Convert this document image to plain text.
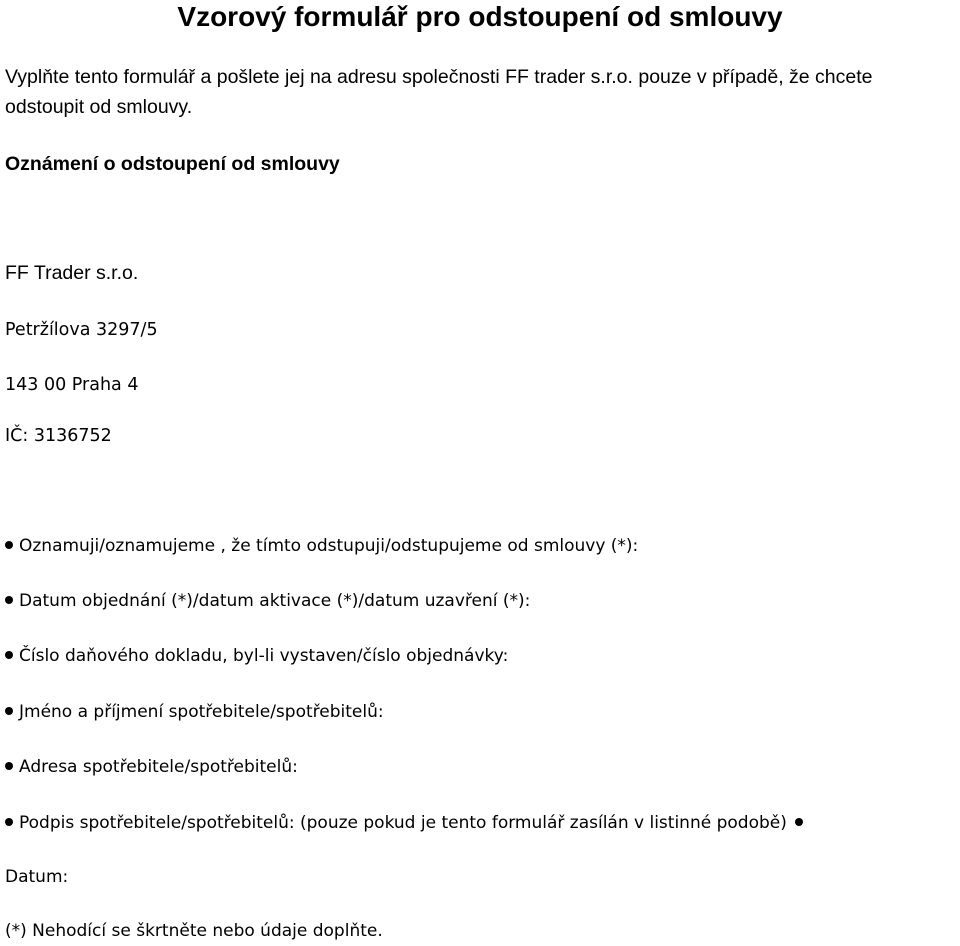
Vzorový formulář pro odstoupení od smlouvy
Vyplňte tento formulář a pošlete jej na adresu společnosti FF trader s.r.o. pouze v případě, že chcete odstoupit od smlouvy.
Oznámení o odstoupení od smlouvy
FF Trader s.r.o.
Petržílova 3297/5
143 00 Praha 4
IČ: 3136752
Oznamuji/oznamujeme , že tímto odstupuji/odstupujeme od smlouvy (*):
Datum objednání (*)/datum aktivace (*)/datum uzavření (*):
Číslo daňového dokladu, byl-li vystaven/číslo objednávky:
Jméno a příjmení spotřebitele/spotřebitelů:
Adresa spotřebitele/spotřebitelů:
Podpis spotřebitele/spotřebitelů: (pouze pokud je tento formulář zasílán v listinné podobě)
Datum:
(*) Nehodící se škrtněte nebo údaje doplňte.
